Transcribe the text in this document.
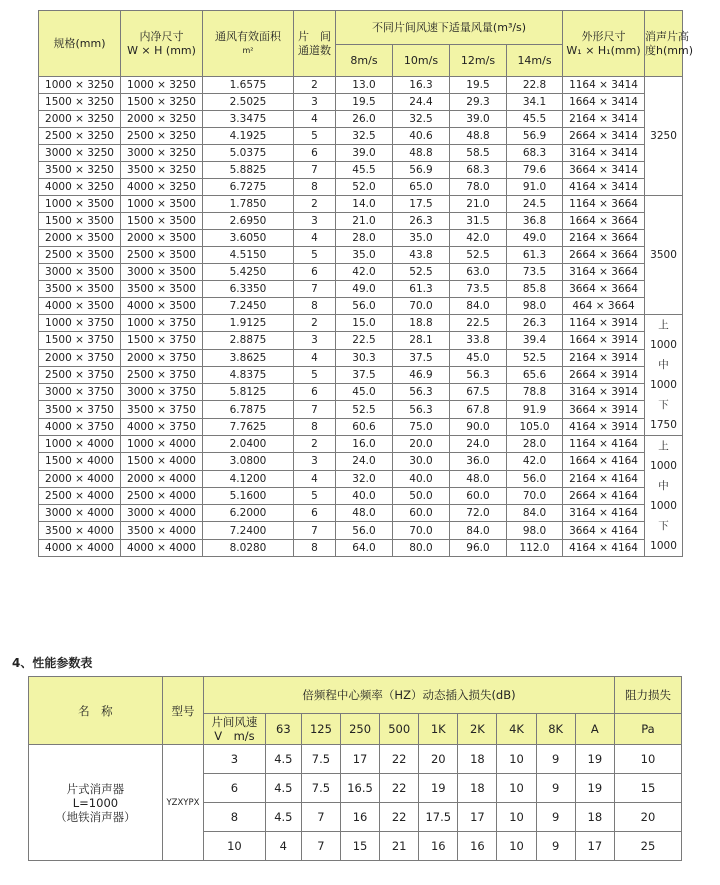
规格(mm)	内净尺寸
W × H (mm)	通风有效面积
m²	片　间
通道数	不同片间风速下适量风量(m³/s)				外形尺寸
W₁ × H₁(mm)	消声片高
度h(mm)

				8m/s	10m/s	12m/s	14m/s		
1000 × 3250	1000 × 3250	1.6575	2	13.0	16.3	19.5	22.8	1164 × 3414	3250

1500 × 3250	1500 × 3250	2.5025	3	19.5	24.4	29.3	34.1	1664 × 3414	
2000 × 3250	2000 × 3250	3.3475	4	26.0	32.5	39.0	45.5	2164 × 3414	
2500 × 3250	2500 × 3250	4.1925	5	32.5	40.6	48.8	56.9	2664 × 3414	
3000 × 3250	3000 × 3250	5.0375	6	39.0	48.8	58.5	68.3	3164 × 3414	
3500 × 3250	3500 × 3250	5.8825	7	45.5	56.9	68.3	79.6	3664 × 3414	
4000 × 3250	4000 × 3250	6.7275	8	52.0	65.0	78.0	91.0	4164 × 3414	
1000 × 3500	1000 × 3500	1.7850	2	14.0	17.5	21.0	24.5	1164 × 3664	3500

1500 × 3500	1500 × 3500	2.6950	3	21.0	26.3	31.5	36.8	1664 × 3664	
2000 × 3500	2000 × 3500	3.6050	4	28.0	35.0	42.0	49.0	2164 × 3664	
2500 × 3500	2500 × 3500	4.5150	5	35.0	43.8	52.5	61.3	2664 × 3664	
3000 × 3500	3000 × 3500	5.4250	6	42.0	52.5	63.0	73.5	3164 × 3664	
3500 × 3500	3500 × 3500	6.3350	7	49.0	61.3	73.5	85.8	3664 × 3664	
4000 × 3500	4000 × 3500	7.2450	8	56.0	70.0	84.0	98.0	464 × 3664	
1000 × 3750	1000 × 3750	1.9125	2	15.0	18.8	22.5	26.3	1164 × 3914	上1000
中1000
下1750

1500 × 3750	1500 × 3750	2.8875	3	22.5	28.1	33.8	39.4	1664 × 3914	
2000 × 3750	2000 × 3750	3.8625	4	30.3	37.5	45.0	52.5	2164 × 3914	
2500 × 3750	2500 × 3750	4.8375	5	37.5	46.9	56.3	65.6	2664 × 3914	
3000 × 3750	3000 × 3750	5.8125	6	45.0	56.3	67.5	78.8	3164 × 3914	
3500 × 3750	3500 × 3750	6.7875	7	52.5	56.3	67.8	91.9	3664 × 3914	
4000 × 3750	4000 × 3750	7.7625	8	60.6	75.0	90.0	105.0	4164 × 3914	
1000 × 4000	1000 × 4000	2.0400	2	16.0	20.0	24.0	28.0	1164 × 4164	上1000
中1000
下1000

1500 × 4000	1500 × 4000	3.0800	3	24.0	30.0	36.0	42.0	1664 × 4164	
2000 × 4000	2000 × 4000	4.1200	4	32.0	40.0	48.0	56.0	2164 × 4164	
2500 × 4000	2500 × 4000	5.1600	5	40.0	50.0	60.0	70.0	2664 × 4164	
3000 × 4000	3000 × 4000	6.2000	6	48.0	60.0	72.0	84.0	3164 × 4164	
3500 × 4000	3500 × 4000	7.2400	7	56.0	70.0	84.0	98.0	3664 × 4164	
4000 × 4000	4000 × 4000	8.0280	8	64.0	80.0	96.0	112.0	4164 × 4164	
4、性能参数表
名　称	型号	倍频程中心频率（HZ）动态插入损失(dB)										阻力损失

		片间风速
V　m/s	63	125	250	500	1K	2K	4K	8K	A	Pa

片式消声器
L=1000
（地铁消声器）	YZXYPX	3	4.5	7.5	17	22	20	18	10	9	19	10
		6	4.5	7.5	16.5	22	19	18	10	9	19	15
		8	4.5	7	16	22	17.5	17	10	9	18	20
		10	4	7	15	21	16	16	10	9	17	25
